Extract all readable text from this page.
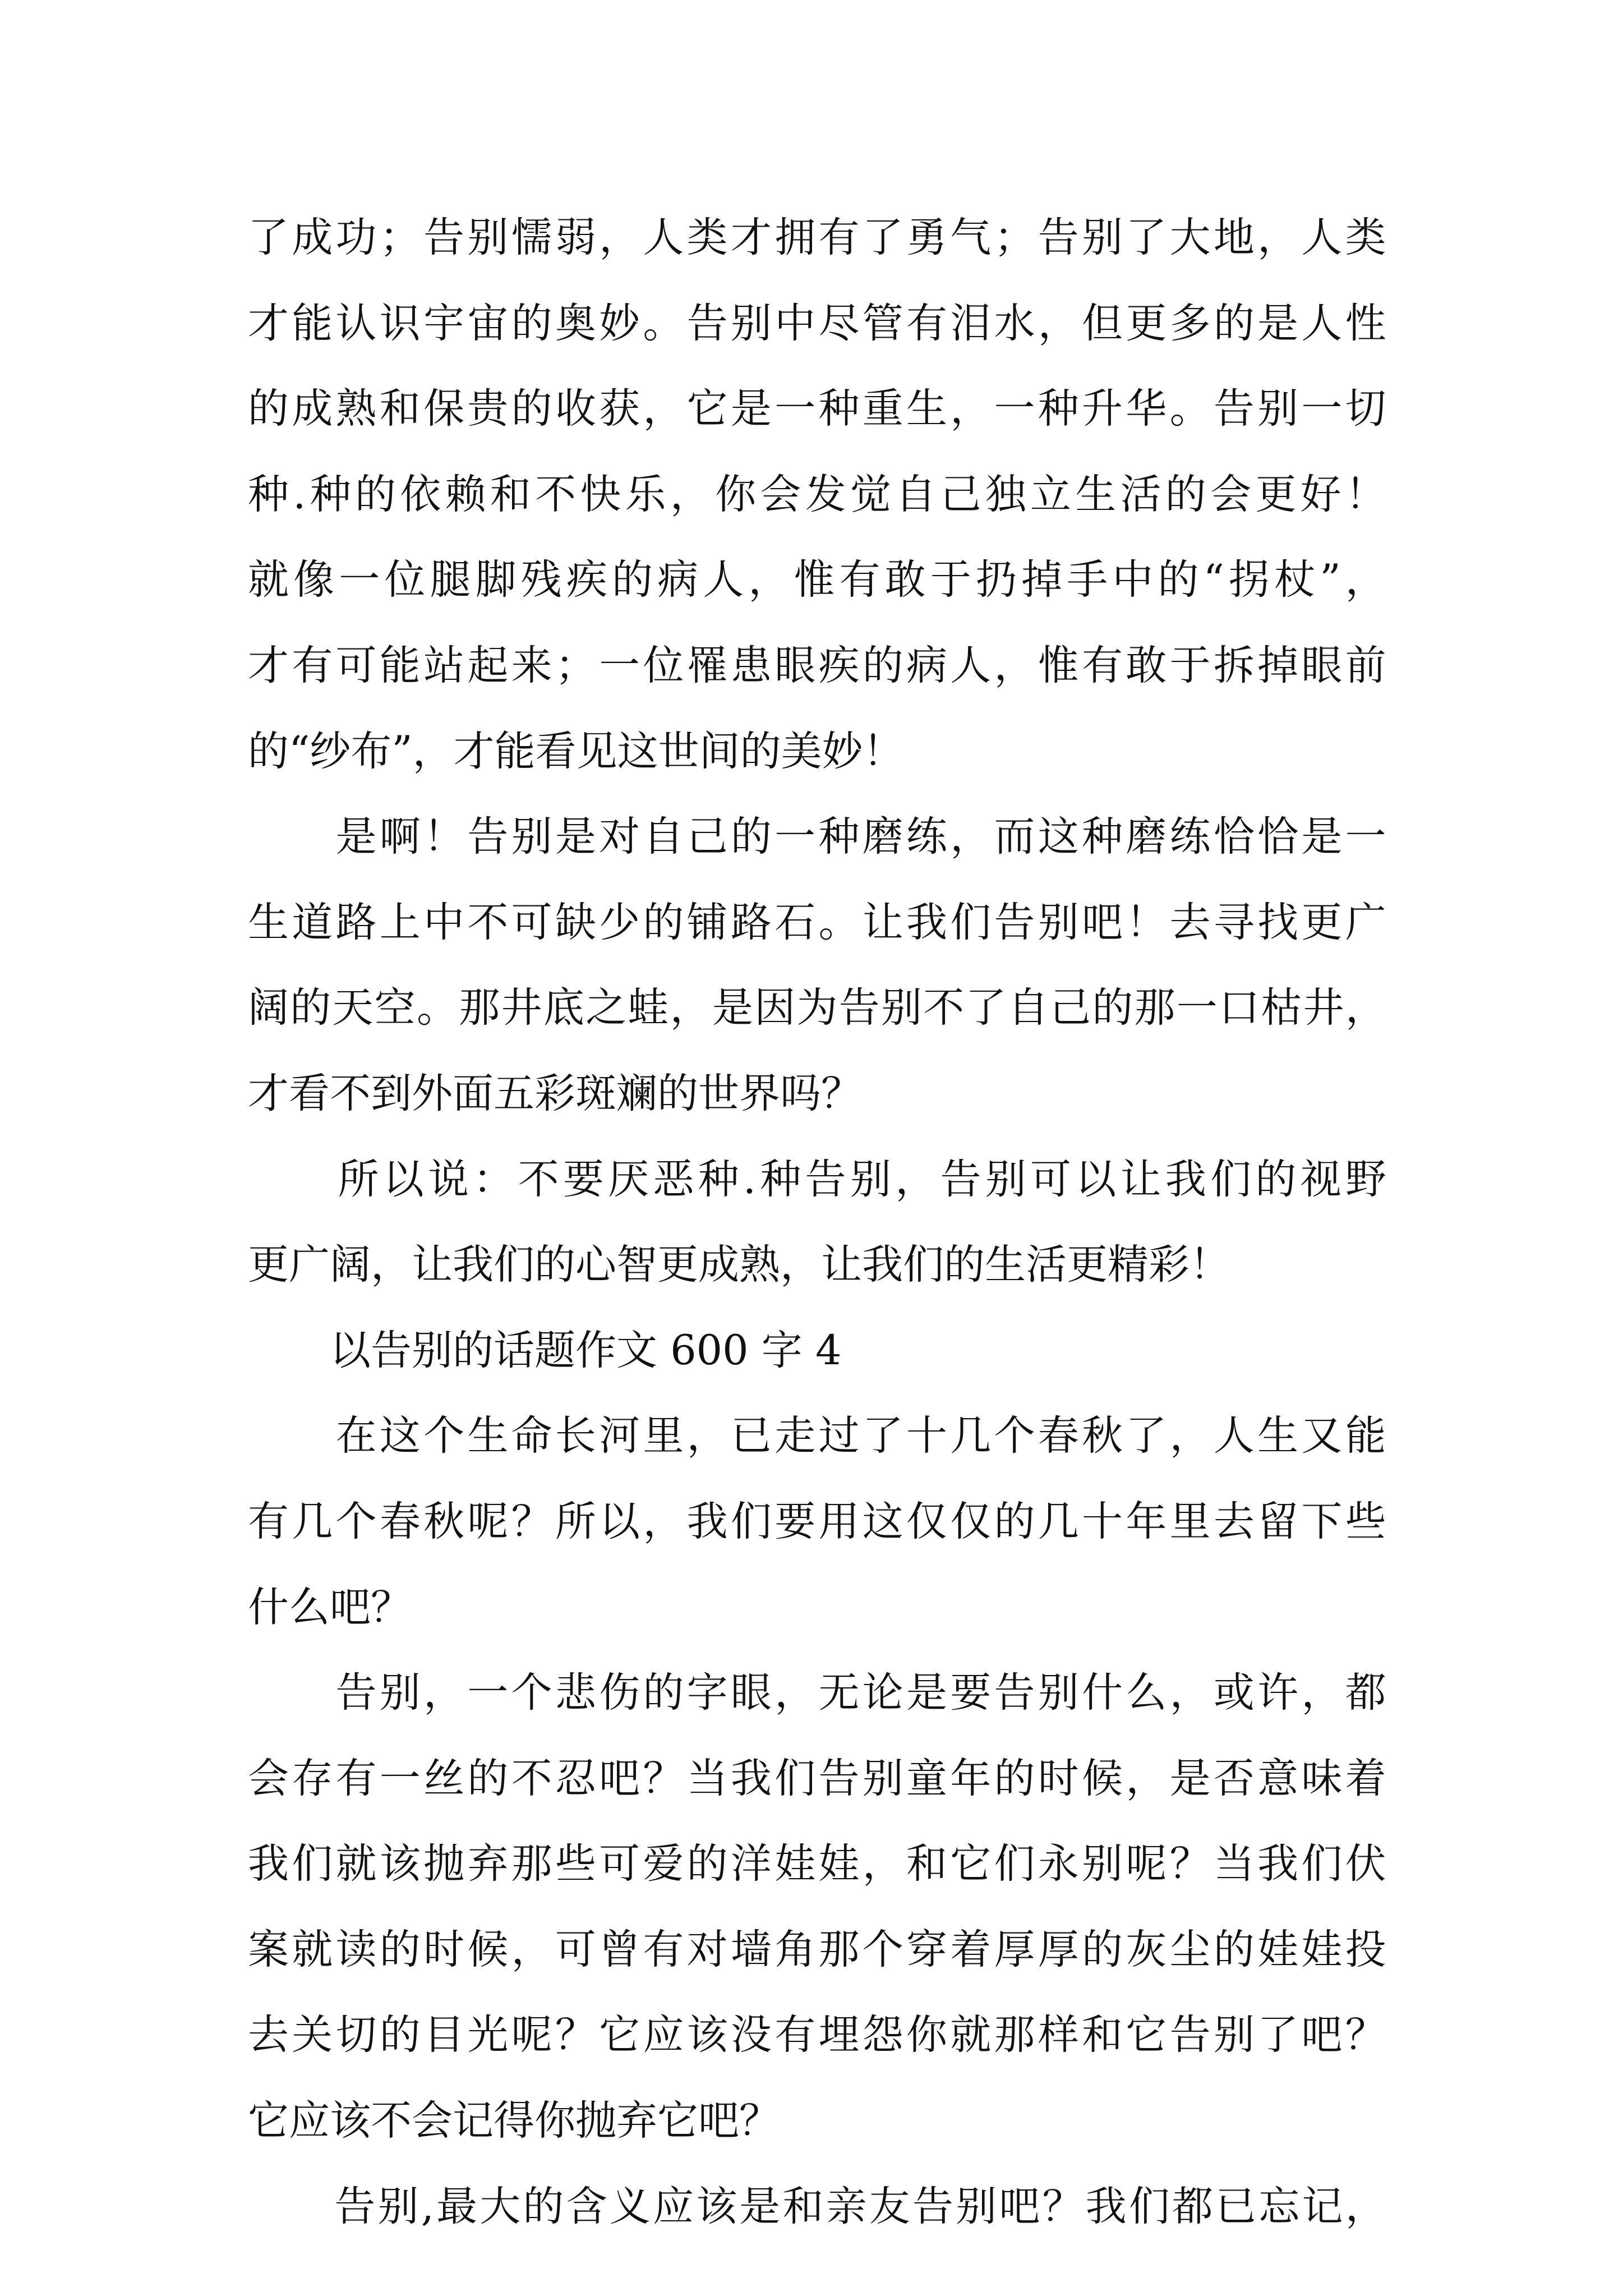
了 成 功 ； 告 别 懦 弱 ， 人 类 才 拥 有 了 勇 气 ； 告 别 了 大 地 ， 人 类
才 能 认 识 宇 宙 的 奥 妙 。 告 别 中 尽 管 有 泪 水 ， 但 更 多 的 是 人 性
的 成 熟 和 保 贵 的 收 获 ， 它 是 一 种 重 生 ， 一 种 升 华 。 告 别 一 切
种 . 种 的 依 赖 和 不 快 乐 ， 你 会 发 觉 自 己 独 立 生 活 的 会 更 好 ！
就 像 一 位 腿 脚 残 疾 的 病 人 ， 惟 有 敢 于 扔 掉 手 中 的 “ 拐 杖 ” ，
才 有 可 能 站 起 来 ； 一 位 罹 患 眼 疾 的 病 人 ， 惟 有 敢 于 拆 掉 眼 前
的“纱布”，才能看见这世间的美妙！

是 啊 ！ 告 别 是 对 自 己 的 一 种 磨 练 ， 而 这 种 磨 练 恰 恰 是 一
生 道 路 上 中 不 可 缺 少 的 铺 路 石 。 让 我 们 告 别 吧 ！ 去 寻 找 更 广
阔 的 天 空 。 那 井 底 之 蛙 ， 是 因 为 告 别 不 了 自 己 的 那 一 口 枯 井 ，
才看不到外面五彩斑斓的世界吗？

所 以 说 ： 不 要 厌 恶 种 . 种 告 别 ， 告 别 可 以 让 我 们 的 视 野
更广阔，让我们的心智更成熟，让我们的生活更精彩！
　　以告别的话题作文 600 字 4

在 这 个 生 命 长 河 里 ， 已 走 过 了 十 几 个 春 秋 了 ， 人 生 又 能
有 几 个 春 秋 呢 ？ 所 以 ， 我 们 要 用 这 仅 仅 的 几 十 年 里 去 留 下 些
什么吧？

告 别 ， 一 个 悲 伤 的 字 眼 ， 无 论 是 要 告 别 什 么 ， 或 许 ， 都
会 存 有 一 丝 的 不 忍 吧 ？ 当 我 们 告 别 童 年 的 时 候 ， 是 否 意 味 着
我 们 就 该 抛 弃 那 些 可 爱 的 洋 娃 娃 ， 和 它 们 永 别 呢 ？ 当 我 们 伏
案 就 读 的 时 候 ， 可 曾 有 对 墙 角 那 个 穿 着 厚 厚 的 灰 尘 的 娃 娃 投
去 关 切 的 目 光 呢 ？ 它 应 该 没 有 埋 怨 你 就 那 样 和 它 告 别 了 吧 ？
它应该不会记得你抛弃它吧？

告 别 , 最 大 的 含 义 应 该 是 和 亲 友 告 别 吧 ？ 我 们 都 已 忘 记 ，
